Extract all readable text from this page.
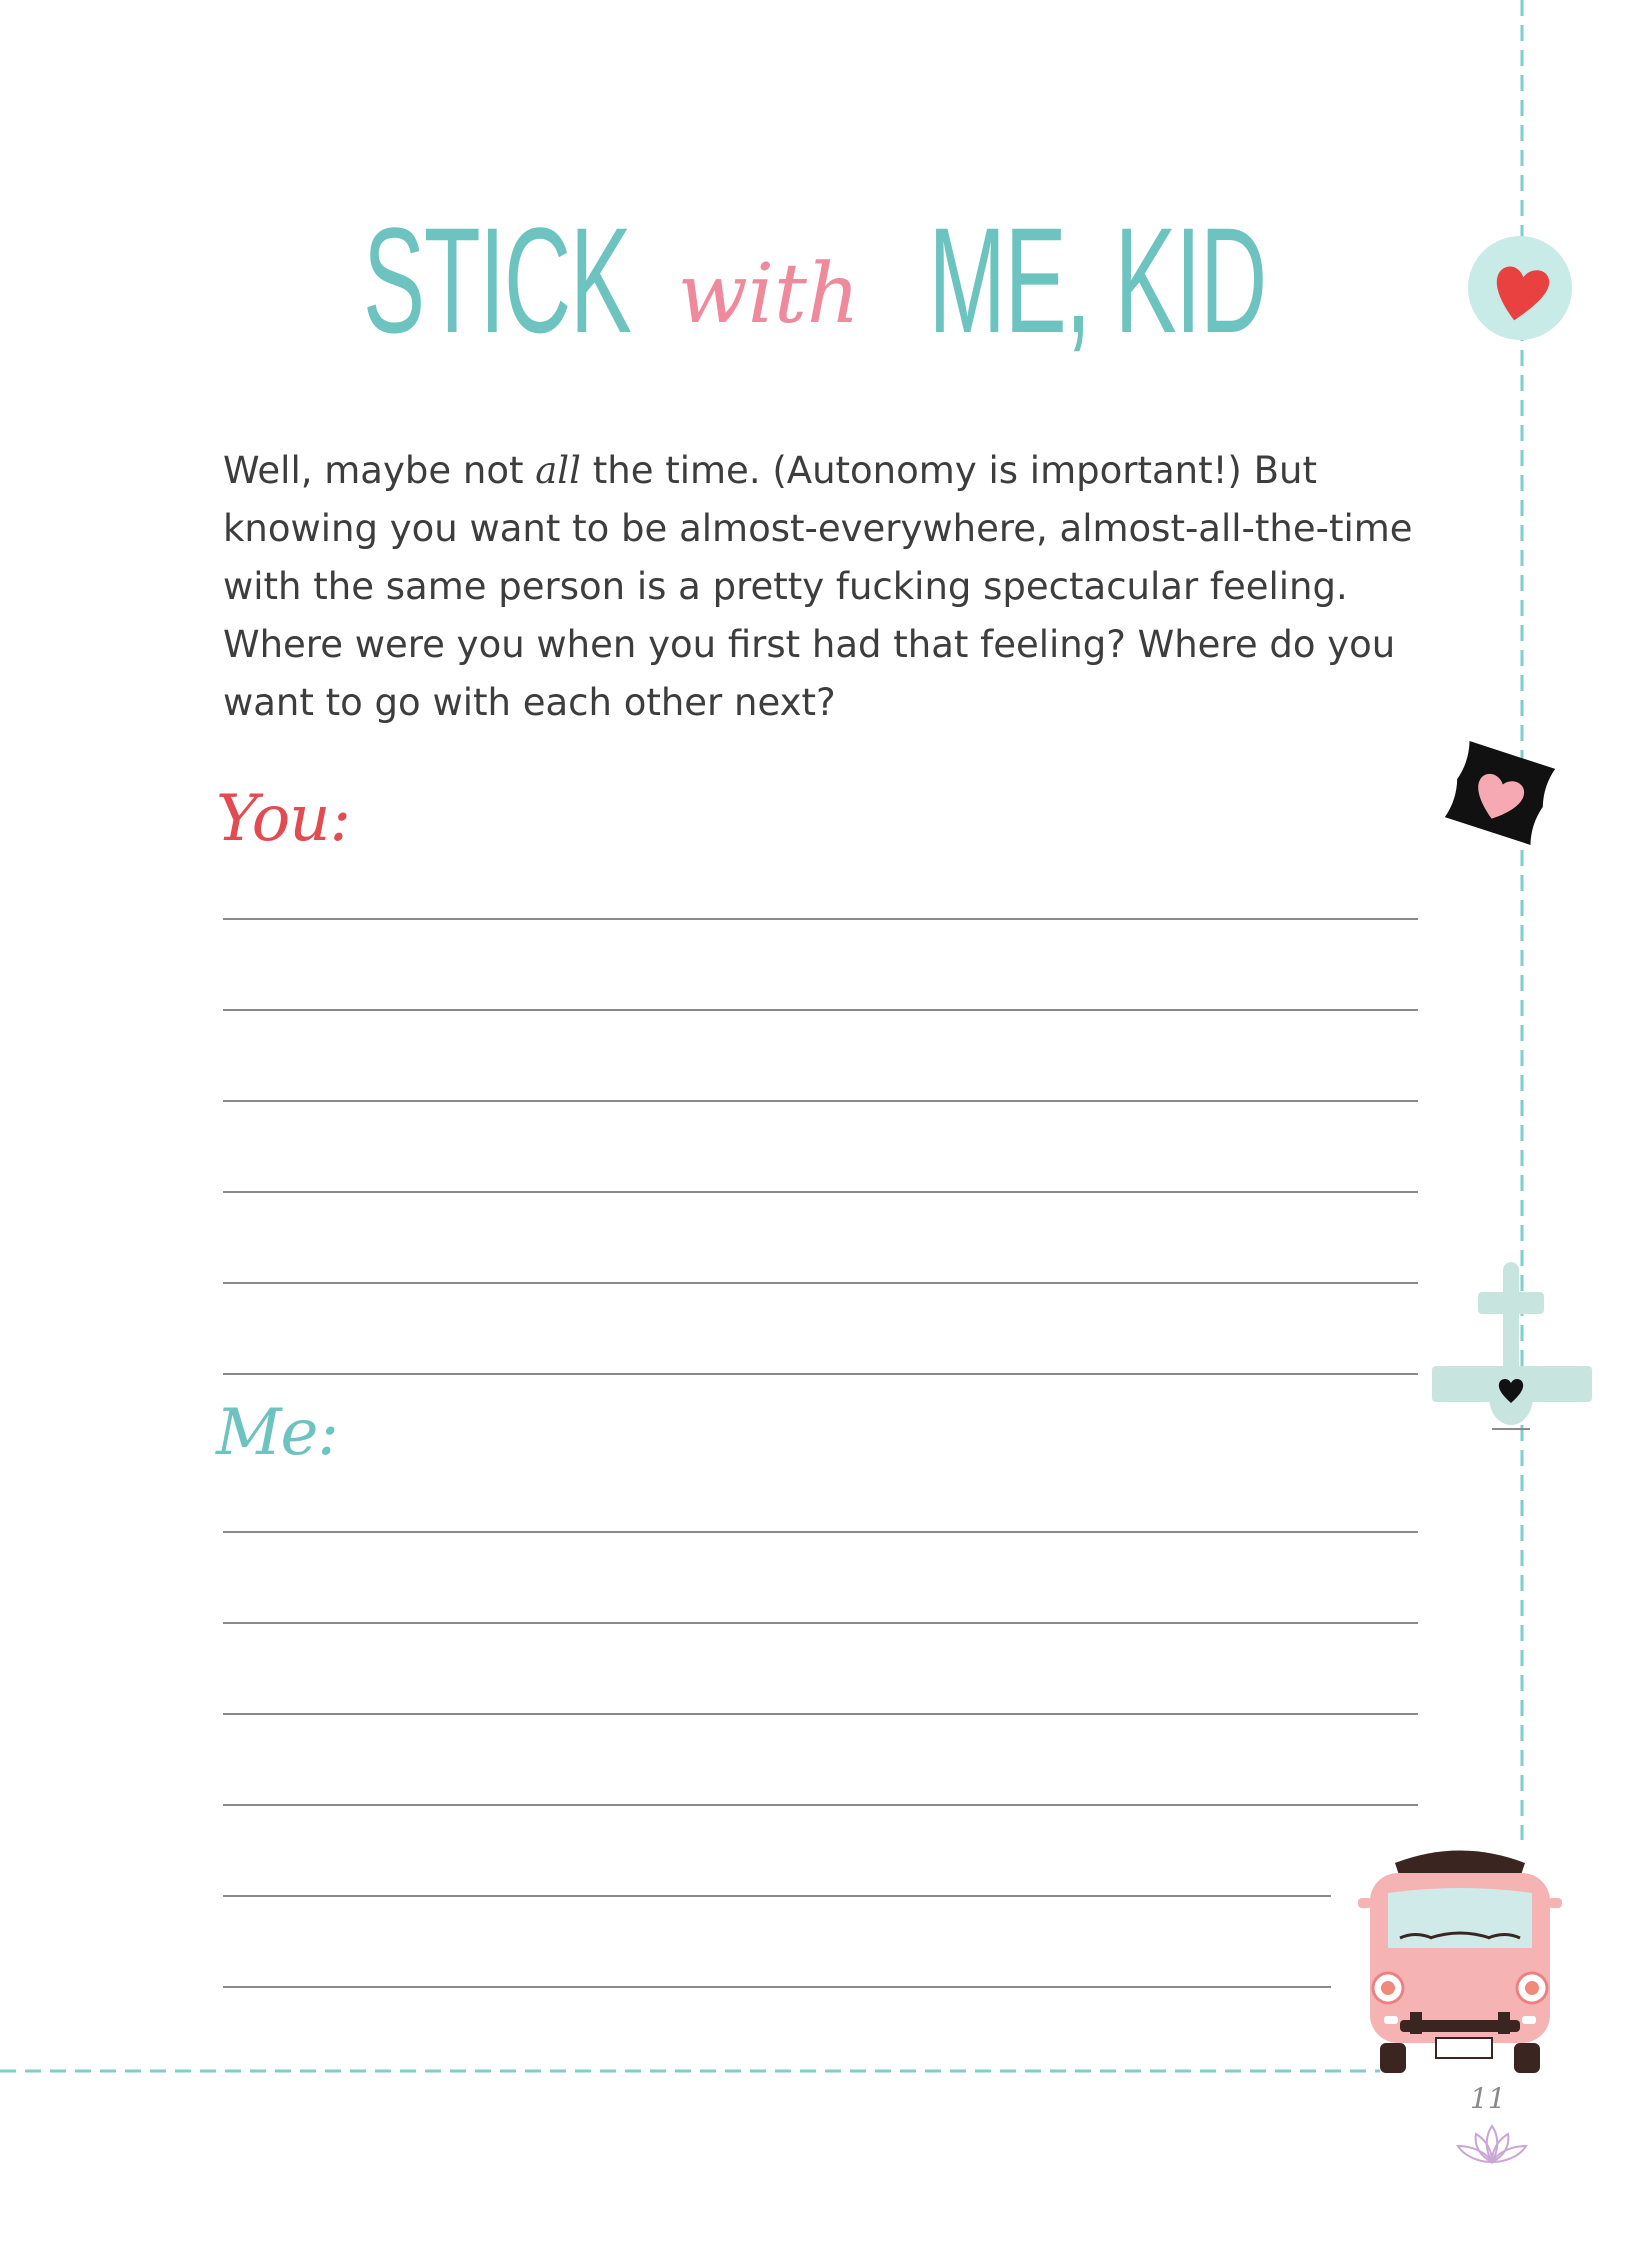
STICK with ME, KID
Well, maybe not all the time. (Autonomy is important!) But
knowing you want to be almost-everywhere, almost-all-the-time
with the same person is a pretty fucking spectacular feeling.
Where were you when you first had that feeling? Where do you
want to go with each other next?
You:
Me:
11
